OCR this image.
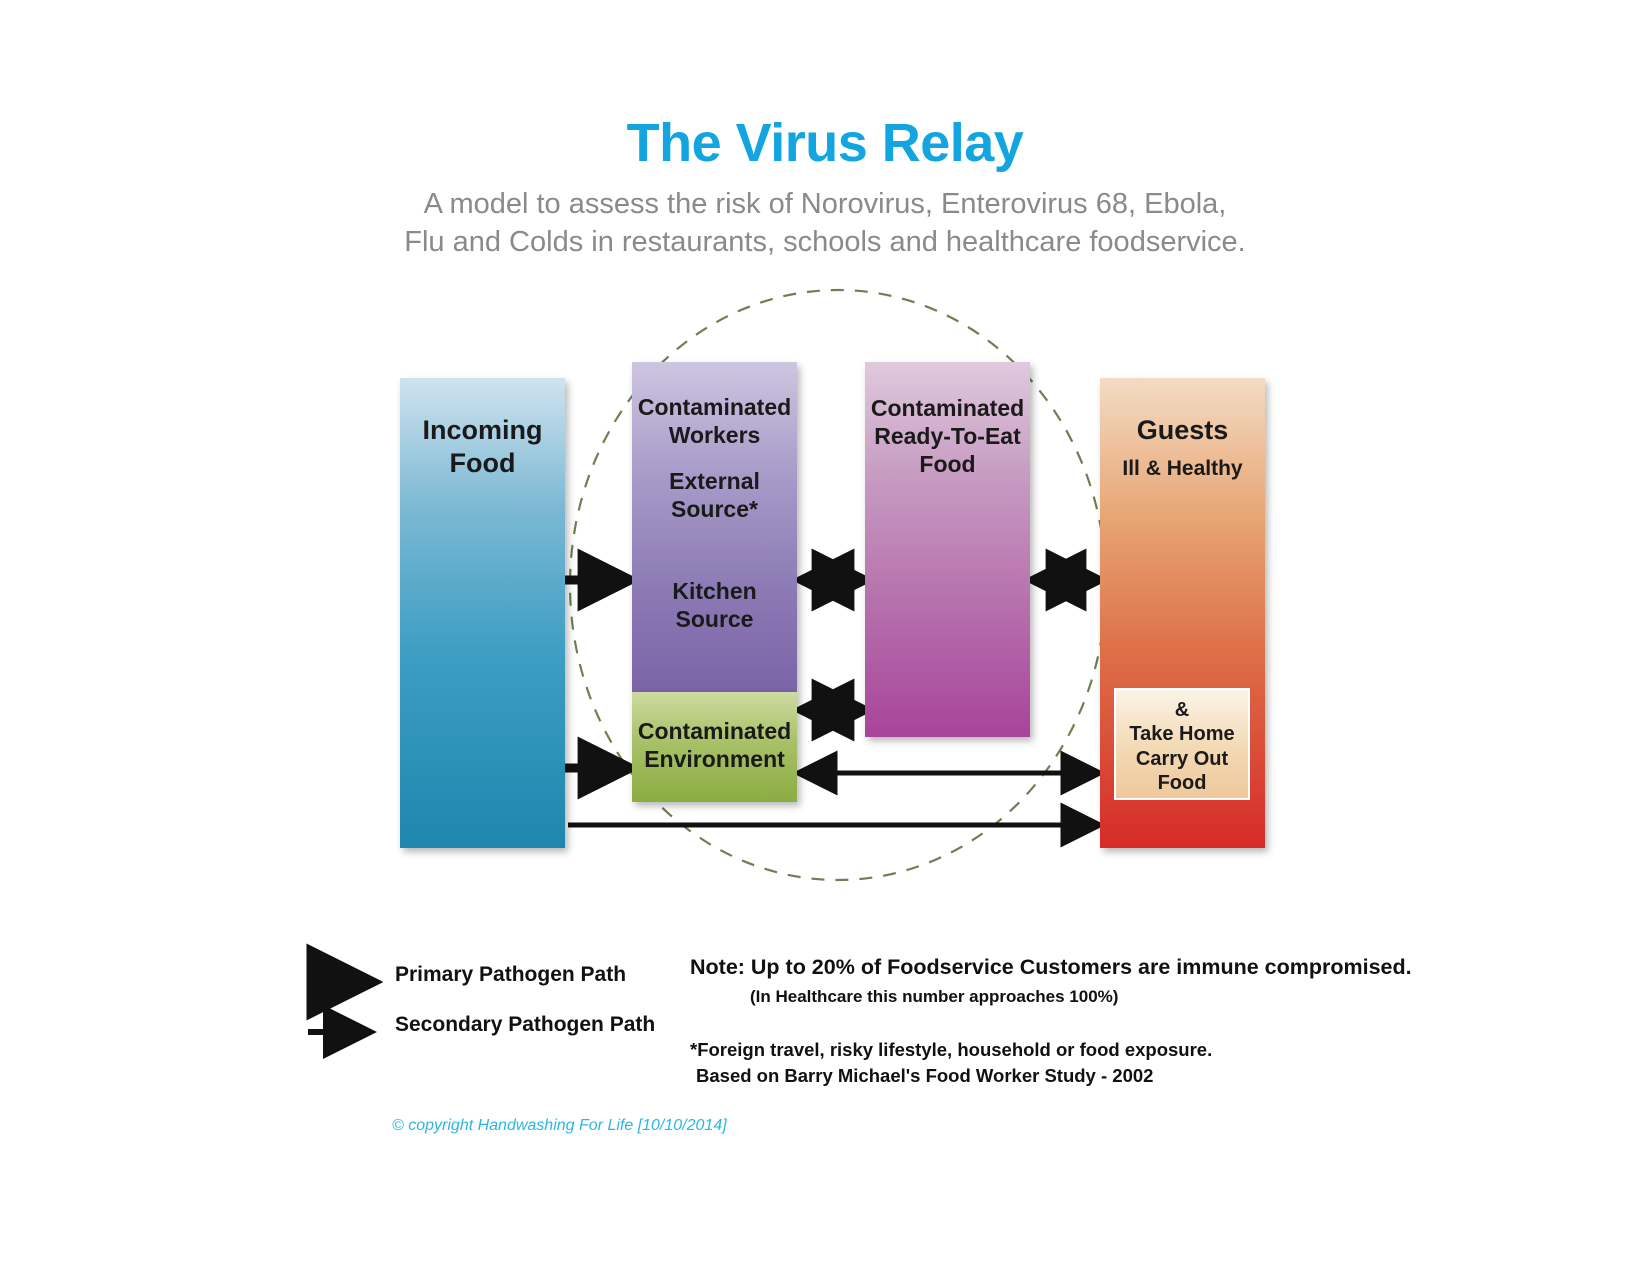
The Virus Relay
A model to assess the risk of Norovirus, Enterovirus 68, Ebola,
Flu and Colds in restaurants, schools and healthcare foodservice.
Incoming
Food
Contaminated
Workers
External
Source*
Kitchen
Source
Contaminated
Environment
Contaminated
Ready-To-Eat
Food
Guests
Ill & Healthy
&
Take Home
Carry Out
Food
Primary Pathogen Path
Secondary Pathogen Path
Note: Up to 20% of Foodservice Customers are immune compromised.
(In Healthcare this number approaches 100%)
*Foreign travel, risky lifestyle, household or food exposure.
Based on Barry Michael's Food Worker Study - 2002
© copyright Handwashing For Life [10/10/2014]
